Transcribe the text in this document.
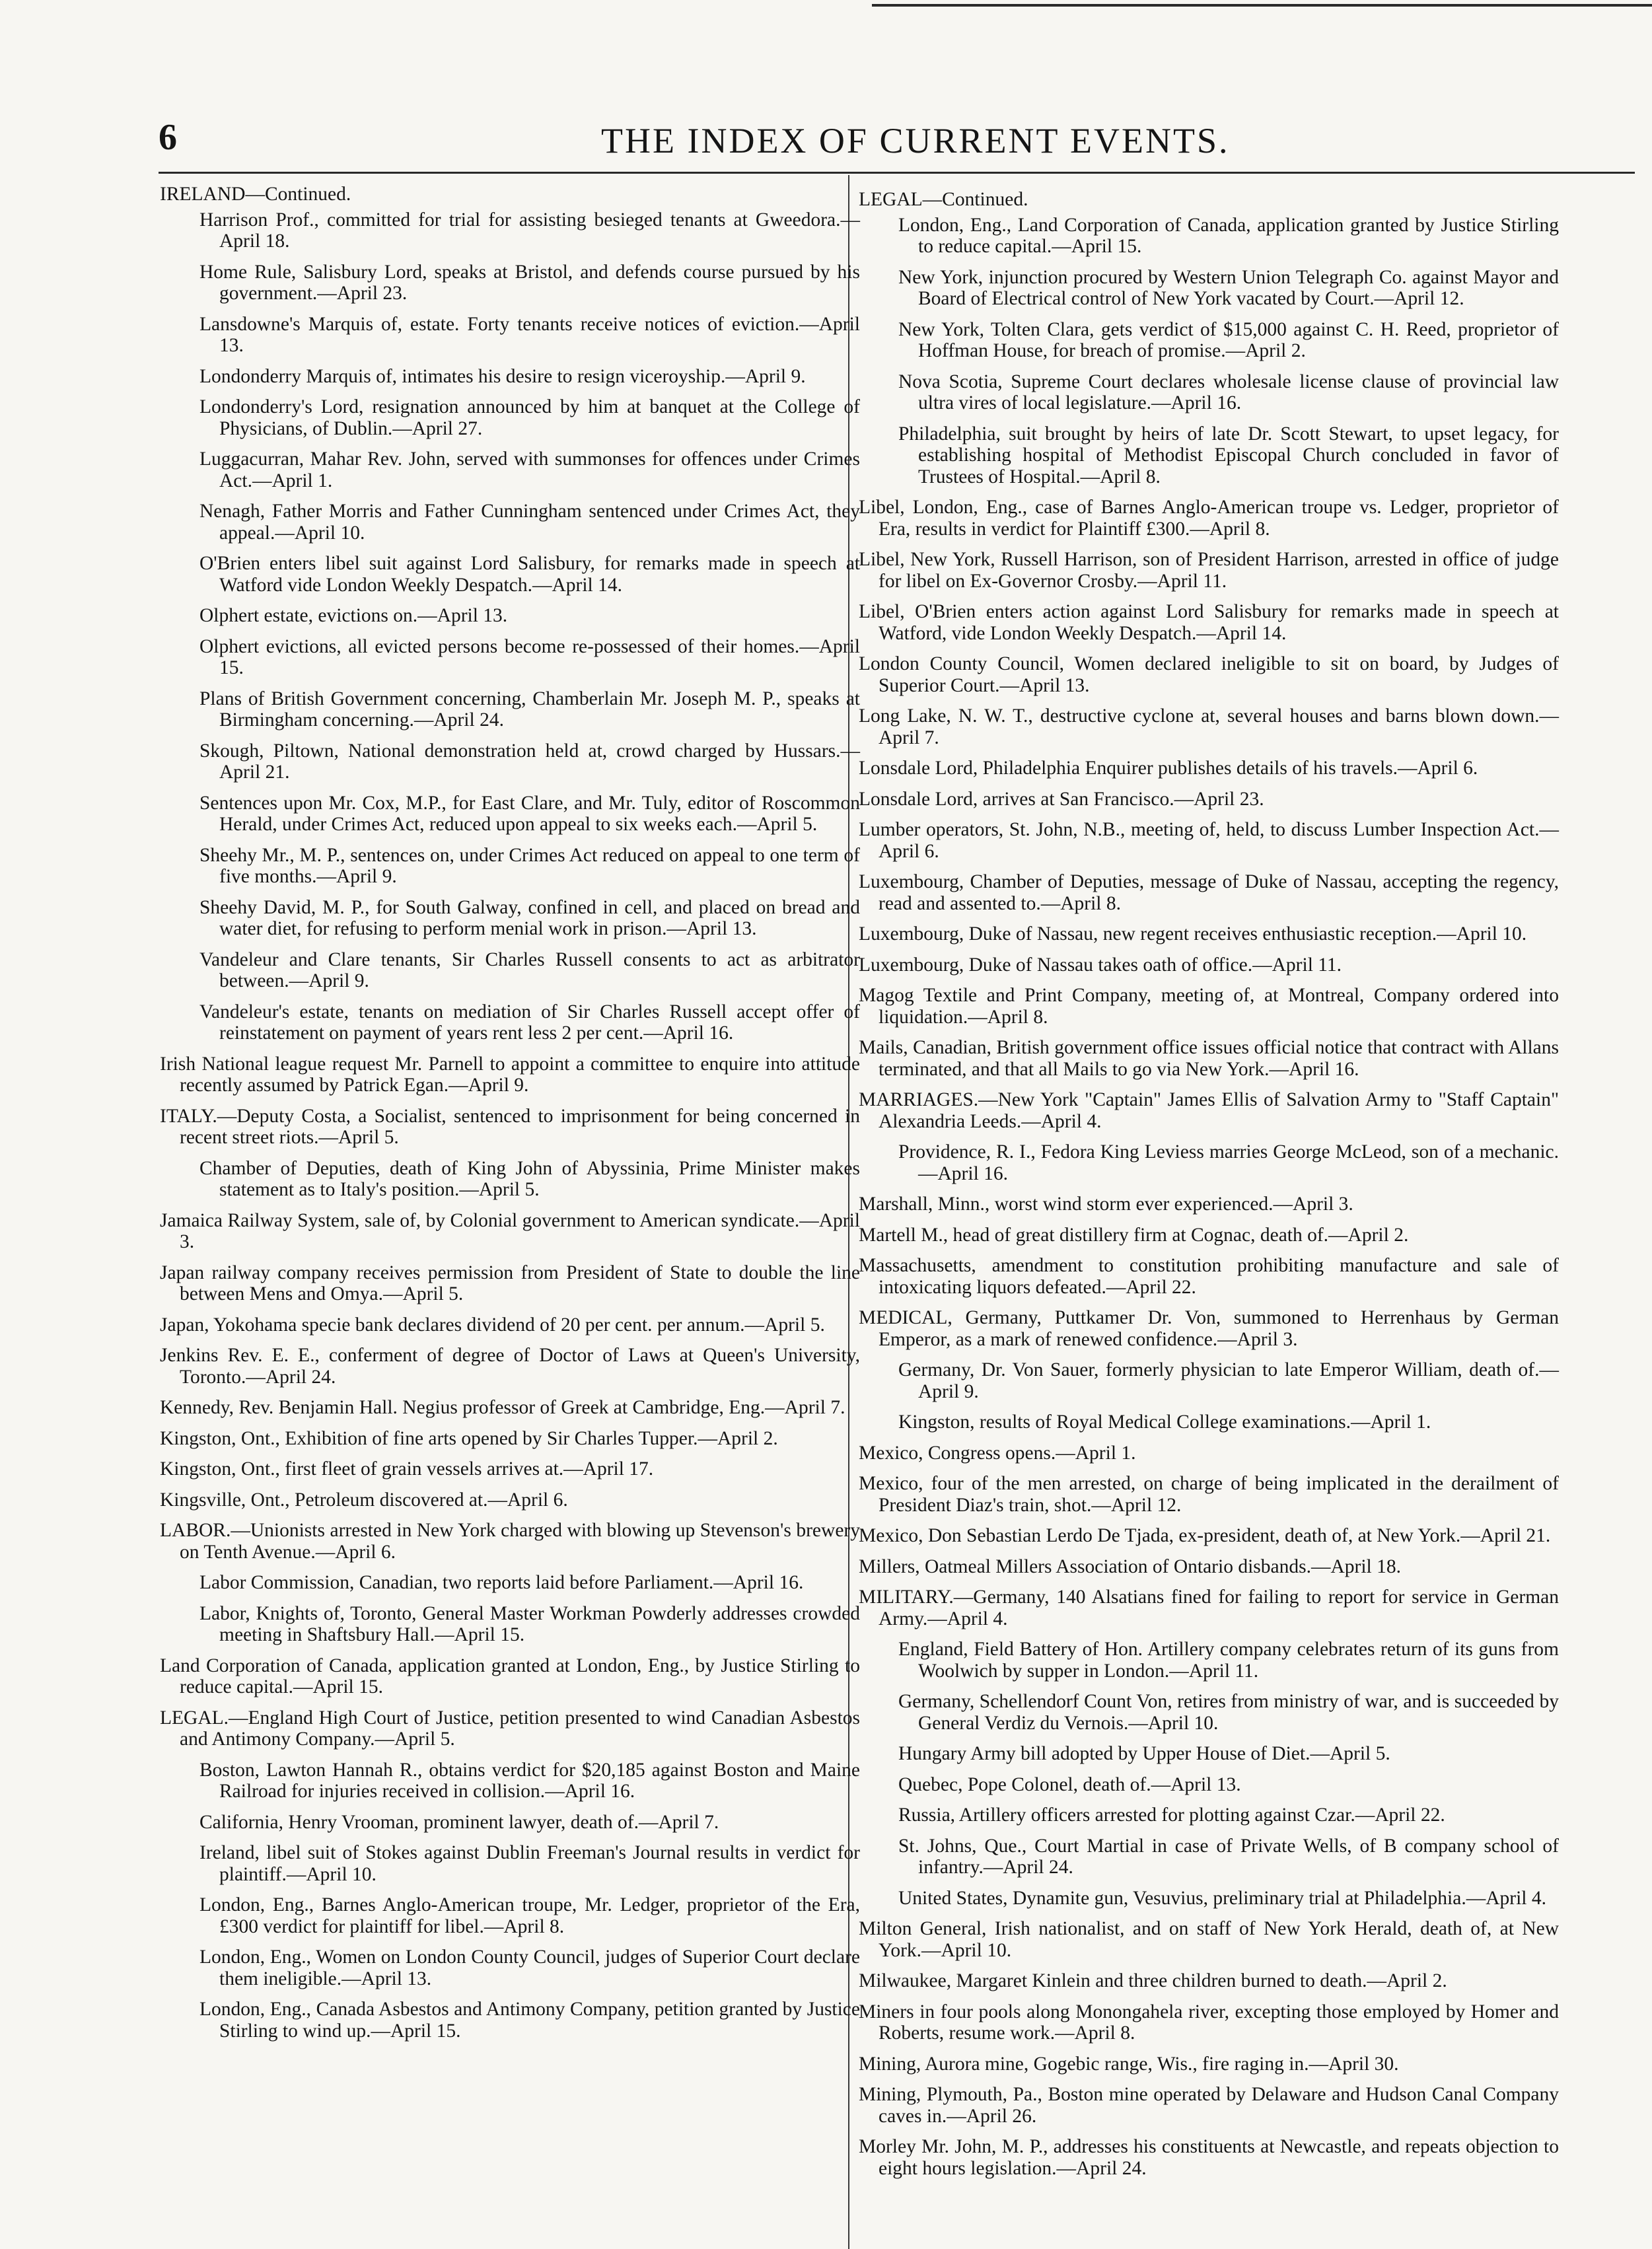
6	THE INDEX OF CURRENT EVENTS.

IRELAND—Continued.

Harrison Prof., committed for trial for assisting besieged tenants at Gweedora.—April 18.

Home Rule, Salisbury Lord, speaks at Bristol, and defends course pursued by his government.—April 23.

Lansdowne's Marquis of, estate. Forty tenants receive notices of eviction.—April 13.

Londonderry Marquis of, intimates his desire to resign viceroyship.—April 9.

Londonderry's Lord, resignation announced by him at banquet at the College of Physicians, of Dublin.—April 27.

Luggacurran, Mahar Rev. John, served with summonses for offences under Crimes Act.—April 1.

Nenagh, Father Morris and Father Cunningham sentenced under Crimes Act, they appeal.—April 10.

O'Brien enters libel suit against Lord Salisbury, for remarks made in speech at Watford vide London Weekly Despatch.—April 14.

Olphert estate, evictions on.—April 13.

Olphert evictions, all evicted persons become re-possessed of their homes.—April 15.

Plans of British Government concerning, Chamberlain Mr. Joseph M. P., speaks at Birmingham concerning.—April 24.

Skough, Piltown, National demonstration held at, crowd charged by Hussars.—April 21.

Sentences upon Mr. Cox, M.P., for East Clare, and Mr. Tuly, editor of Roscommon Herald, under Crimes Act, reduced upon appeal to six weeks each.—April 5.

Sheehy Mr., M. P., sentences on, under Crimes Act reduced on appeal to one term of five months.—April 9.

Sheehy David, M. P., for South Galway, confined in cell, and placed on bread and water diet, for refusing to perform menial work in prison.—April 13.

Vandeleur and Clare tenants, Sir Charles Russell consents to act as arbitrator between.—April 9.

Vandeleur's estate, tenants on mediation of Sir Charles Russell accept offer of reinstatement on payment of years rent less 2 per cent.—April 16.

Irish National league request Mr. Parnell to appoint a committee to enquire into attitude recently assumed by Patrick Egan.—April 9.

ITALY.—Deputy Costa, a Socialist, sentenced to imprisonment for being concerned in recent street riots.—April 5.

Chamber of Deputies, death of King John of Abyssinia, Prime Minister makes statement as to Italy's position.—April 5.

Jamaica Railway System, sale of, by Colonial government to American syndicate.—April 3.

Japan railway company receives permission from President of State to double the line between Mens and Omya.—April 5.

Japan, Yokohama specie bank declares dividend of 20 per cent. per annum.—April 5.

Jenkins Rev. E. E., conferment of degree of Doctor of Laws at Queen's University, Toronto.—April 24.

Kennedy, Rev. Benjamin Hall. Negius professor of Greek at Cambridge, Eng.—April 7.

Kingston, Ont., Exhibition of fine arts opened by Sir Charles Tupper.—April 2.

Kingston, Ont., first fleet of grain vessels arrives at.—April 17.

Kingsville, Ont., Petroleum discovered at.—April 6.

LABOR.—Unionists arrested in New York charged with blowing up Stevenson's brewery on Tenth Avenue.—April 6.

Labor Commission, Canadian, two reports laid before Parliament.—April 16.

Labor, Knights of, Toronto, General Master Workman Powderly addresses crowded meeting in Shaftsbury Hall.—April 15.

Land Corporation of Canada, application granted at London, Eng., by Justice Stirling to reduce capital.—April 15.

LEGAL.—England High Court of Justice, petition presented to wind Canadian Asbestos and Antimony Company.—April 5.

Boston, Lawton Hannah R., obtains verdict for $20,185 against Boston and Maine Railroad for injuries received in collision.—April 16.

California, Henry Vrooman, prominent lawyer, death of.—April 7.

Ireland, libel suit of Stokes against Dublin Freeman's Journal results in verdict for plaintiff.—April 10.

London, Eng., Barnes Anglo-American troupe, Mr. Ledger, proprietor of the Era, £300 verdict for plaintiff for libel.—April 8.

London, Eng., Women on London County Council, judges of Superior Court declare them ineligible.—April 13.

London, Eng., Canada Asbestos and Antimony Company, petition granted by Justice Stirling to wind up.—April 15.

LEGAL—Continued.

London, Eng., Land Corporation of Canada, application granted by Justice Stirling to reduce capital.—April 15.

New York, injunction procured by Western Union Telegraph Co. against Mayor and Board of Electrical control of New York vacated by Court.—April 12.

New York, Tolten Clara, gets verdict of $15,000 against C. H. Reed, proprietor of Hoffman House, for breach of promise.—April 2.

Nova Scotia, Supreme Court declares wholesale license clause of provincial law ultra vires of local legislature.—April 16.

Philadelphia, suit brought by heirs of late Dr. Scott Stewart, to upset legacy, for establishing hospital of Methodist Episcopal Church concluded in favor of Trustees of Hospital.—April 8.

Libel, London, Eng., case of Barnes Anglo-American troupe vs. Ledger, proprietor of Era, results in verdict for Plaintiff £300.—April 8.

Libel, New York, Russell Harrison, son of President Harrison, arrested in office of judge for libel on Ex-Governor Crosby.—April 11.

Libel, O'Brien enters action against Lord Salisbury for remarks made in speech at Watford, vide London Weekly Despatch.—April 14.

London County Council, Women declared ineligible to sit on board, by Judges of Superior Court.—April 13.

Long Lake, N. W. T., destructive cyclone at, several houses and barns blown down.—April 7.

Lonsdale Lord, Philadelphia Enquirer publishes details of his travels.—April 6.

Lonsdale Lord, arrives at San Francisco.—April 23.

Lumber operators, St. John, N.B., meeting of, held, to discuss Lumber Inspection Act.—April 6.

Luxembourg, Chamber of Deputies, message of Duke of Nassau, accepting the regency, read and assented to.—April 8.

Luxembourg, Duke of Nassau, new regent receives enthusiastic reception.—April 10.

Luxembourg, Duke of Nassau takes oath of office.—April 11.

Magog Textile and Print Company, meeting of, at Montreal, Company ordered into liquidation.—April 8.

Mails, Canadian, British government office issues official notice that contract with Allans terminated, and that all Mails to go via New York.—April 16.

MARRIAGES.—New York "Captain" James Ellis of Salvation Army to "Staff Captain" Alexandria Leeds.—April 4.

Providence, R. I., Fedora King Leviess marries George McLeod, son of a mechanic.—April 16.

Marshall, Minn., worst wind storm ever experienced.—April 3.

Martell M., head of great distillery firm at Cognac, death of.—April 2.

Massachusetts, amendment to constitution prohibiting manufacture and sale of intoxicating liquors defeated.—April 22.

MEDICAL, Germany, Puttkamer Dr. Von, summoned to Herrenhaus by German Emperor, as a mark of renewed confidence.—April 3.

Germany, Dr. Von Sauer, formerly physician to late Emperor William, death of.—April 9.

Kingston, results of Royal Medical College examinations.—April 1.

Mexico, Congress opens.—April 1.

Mexico, four of the men arrested, on charge of being implicated in the derailment of President Diaz's train, shot.—April 12.

Mexico, Don Sebastian Lerdo De Tjada, ex-president, death of, at New York.—April 21.

Millers, Oatmeal Millers Association of Ontario disbands.—April 18.

MILITARY.—Germany, 140 Alsatians fined for failing to report for service in German Army.—April 4.

England, Field Battery of Hon. Artillery company celebrates return of its guns from Woolwich by supper in London.—April 11.

Germany, Schellendorf Count Von, retires from ministry of war, and is succeeded by General Verdiz du Vernois.—April 10.

Hungary Army bill adopted by Upper House of Diet.—April 5.

Quebec, Pope Colonel, death of.—April 13.

Russia, Artillery officers arrested for plotting against Czar.—April 22.

St. Johns, Que., Court Martial in case of Private Wells, of B company school of infantry.—April 24.

United States, Dynamite gun, Vesuvius, preliminary trial at Philadelphia.—April 4.

Milton General, Irish nationalist, and on staff of New York Herald, death of, at New York.—April 10.

Milwaukee, Margaret Kinlein and three children burned to death.—April 2.

Miners in four pools along Monongahela river, excepting those employed by Homer and Roberts, resume work.—April 8.

Mining, Aurora mine, Gogebic range, Wis., fire raging in.—April 30.

Mining, Plymouth, Pa., Boston mine operated by Delaware and Hudson Canal Company caves in.—April 26.

Morley Mr. John, M. P., addresses his constituents at Newcastle, and repeats objection to eight hours legislation.—April 24.
